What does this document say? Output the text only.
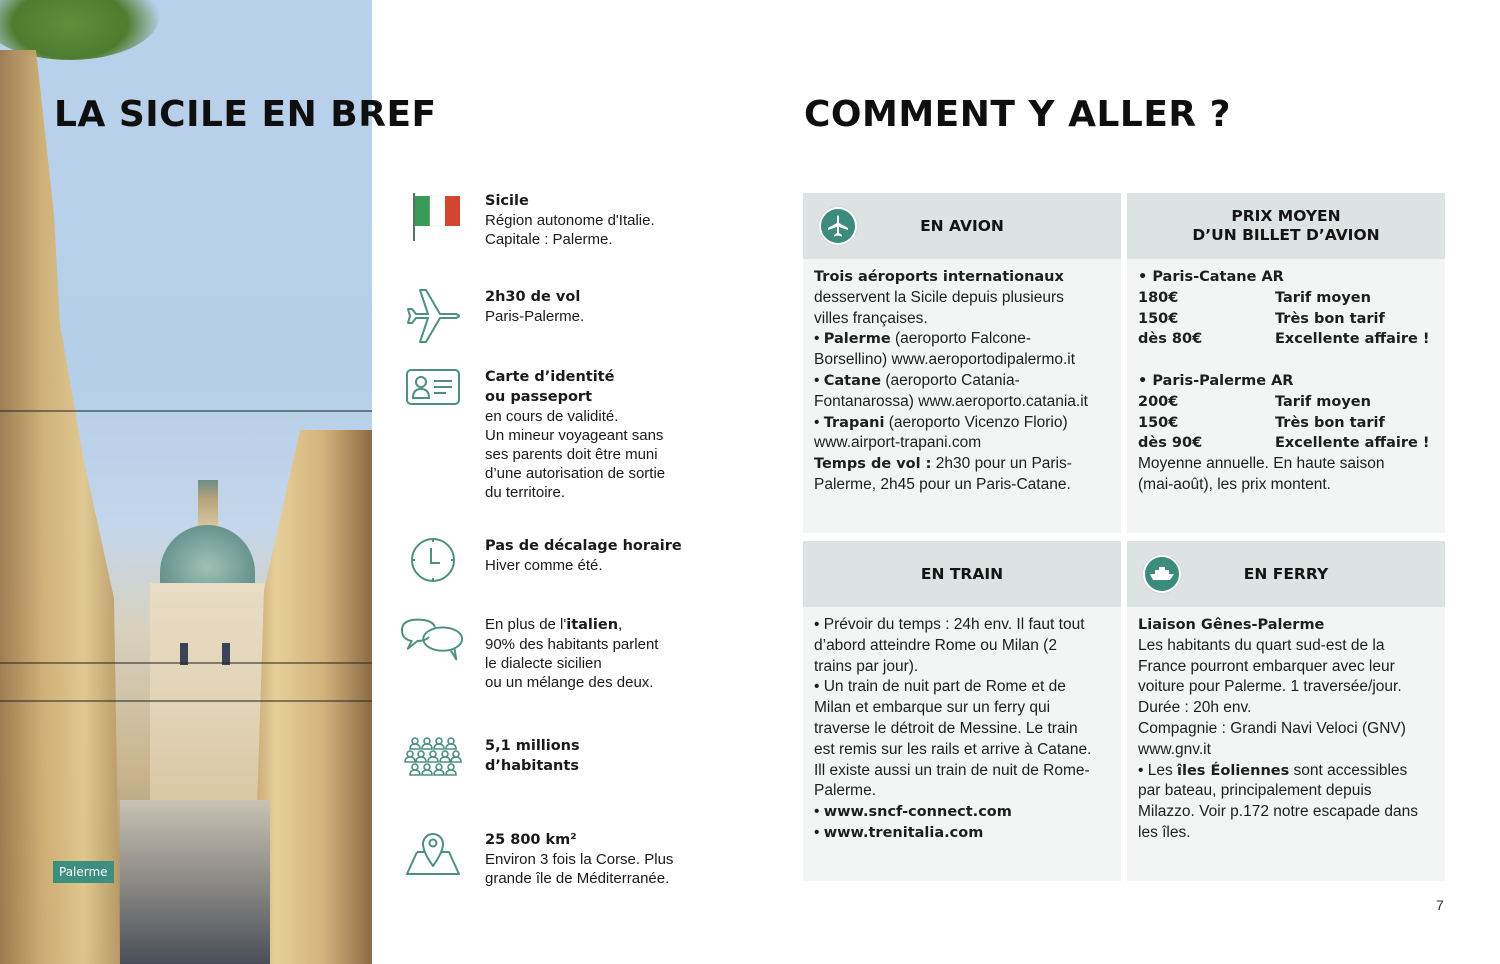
Palerme
LA SICILE EN BREF	COMMENT Y ALLER ?
Sicile
Région autonome d'Italie.
Capitale : Palerme.
2h30 de vol
Paris-Palerme.
Carte d’identité
ou passeport
en cours de validité.
Un mineur voyageant sans
ses parents doit être muni
d’une autorisation de sortie
du territoire.
Pas de décalage horaire
Hiver comme été.
En plus de l'italien,
90% des habitants parlent
le dialecte sicilien
ou un mélange des deux.
5,1 millions
d’habitants
25 800 km²
Environ 3 fois la Corse. Plus
grande île de Méditerranée.
EN AVION
Trois aéroports internationaux
desservent la Sicile depuis plusieurs
villes françaises.
• Palerme (aeroporto Falcone-
Borsellino) www.aeroportodipalermo.it
• Catane (aeroporto Catania-
Fontanarossa) www.aeroporto.catania.it
• Trapani (aeroporto Vicenzo Florio)
www.airport-trapani.com
Temps de vol : 2h30 pour un Paris-
Palerme, 2h45 pour un Paris-Catane.
PRIX MOYEN
D’UN BILLET D’AVION
• Paris-Catane AR
180€	Tarif moyen
150€	Très bon tarif
dès 80€	Excellente affaire !
• Paris-Palerme AR
200€	Tarif moyen
150€	Très bon tarif
dès 90€	Excellente affaire !
Moyenne annuelle. En haute saison
(mai-août), les prix montent.
EN TRAIN
• Prévoir du temps : 24h env. Il faut tout
d’abord atteindre Rome ou Milan (2
trains par jour).
• Un train de nuit part de Rome et de
Milan et embarque sur un ferry qui
traverse le détroit de Messine. Le train
est remis sur les rails et arrive à Catane.
Ill existe aussi un train de nuit de Rome-
Palerme.
• www.sncf-connect.com
• www.trenitalia.com
EN FERRY
Liaison Gênes-Palerme
Les habitants du quart sud-est de la
France pourront embarquer avec leur
voiture pour Palerme. 1 traversée/jour.
Durée : 20h env.
Compagnie : Grandi Navi Veloci (GNV)
www.gnv.it
• Les îles Éoliennes sont accessibles
par bateau, principalement depuis
Milazzo. Voir p.172 notre escapade dans
les îles.
7
